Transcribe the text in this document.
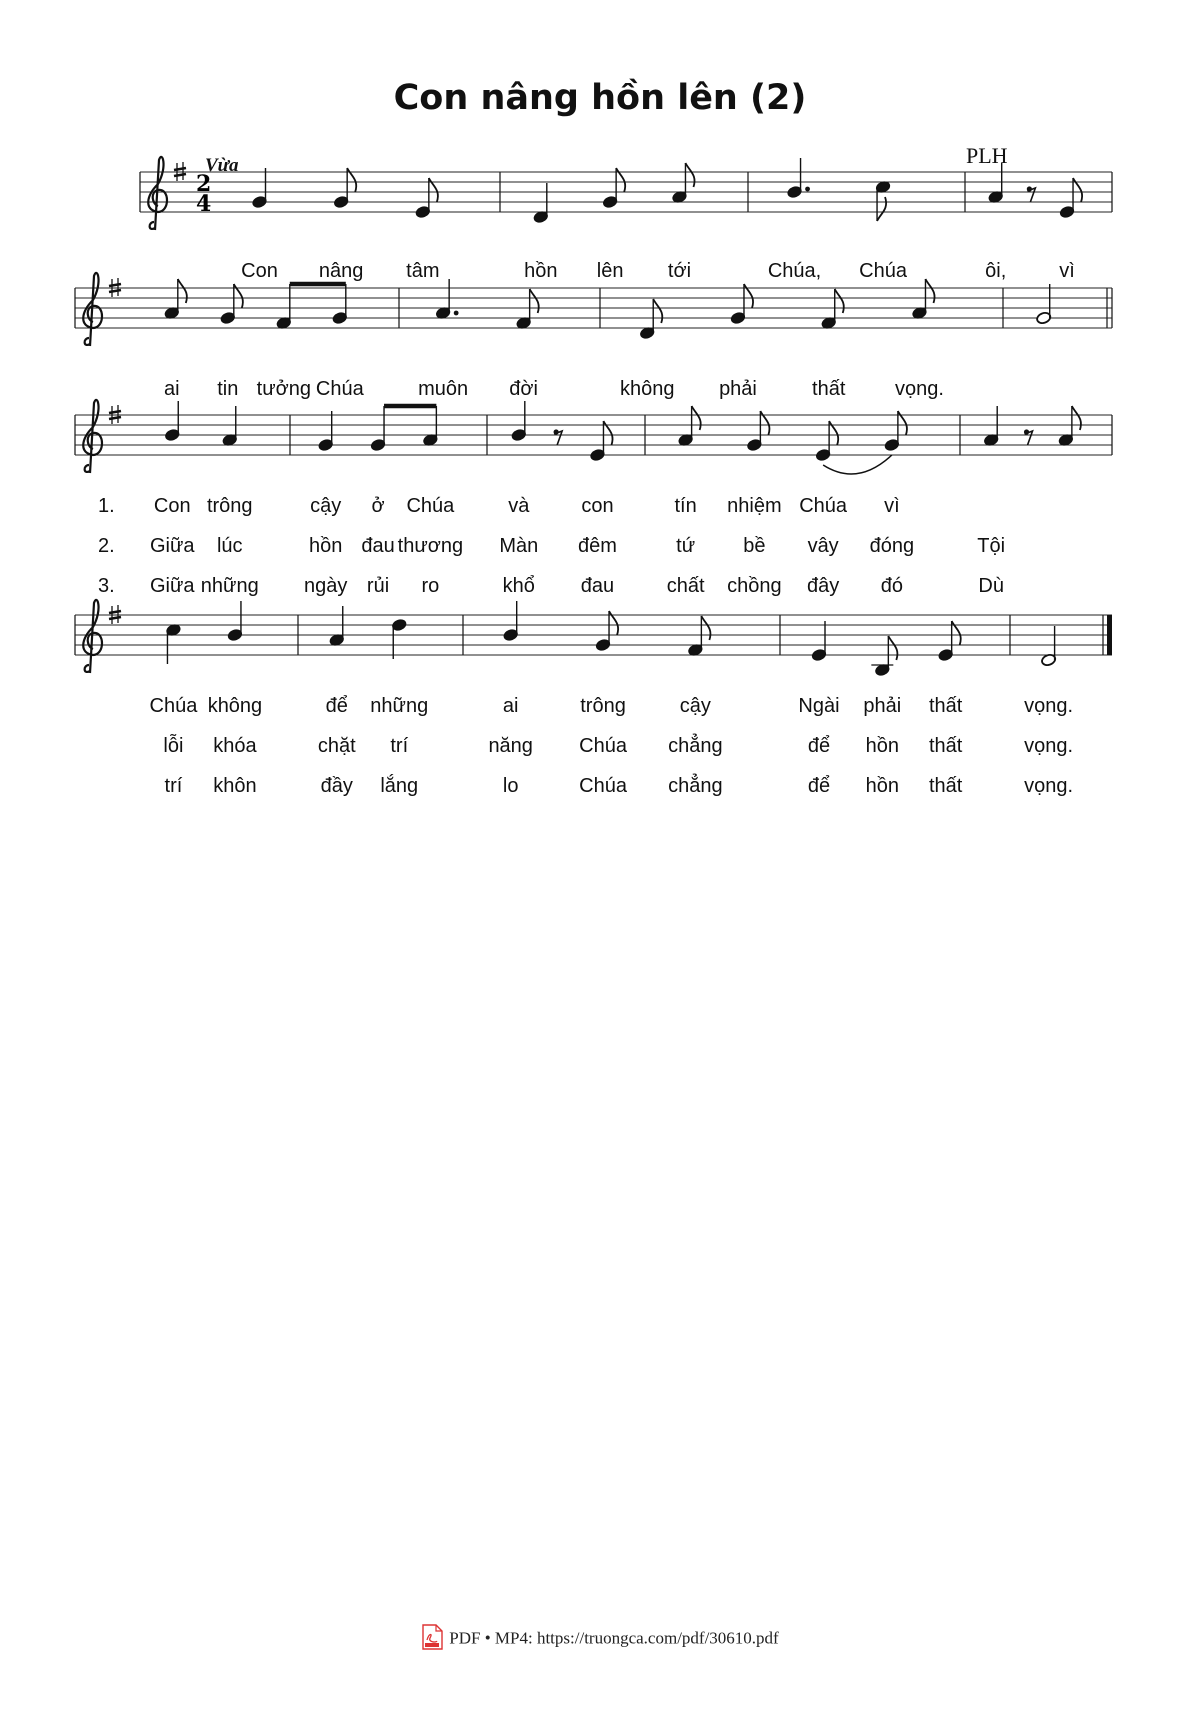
Con nâng hồn lên (2)
PLH
Vừa
2
4
Con nâng tâm	hồn lên tới	Chúa, Chúa	ôi,	vì
ai tin tưởng Chúa	muôn đời	không phải	thất vọng.
1. Con trông	cậy ở Chúa	và	con	tín nhiệm Chúa vì
2. Giữa lúc	hồn đau thương Màn đêm	tứ bề vây đóng	Tội
3. Giữa những ngày rủi ro	khổ đau	chất chồng đây đó	Dù
Chúa không	để những	ai	trông	cậy	Ngài phải thất	vọng.
lỗi khóa	chặt trí	năng Chúa chẳng	để hồn thất	vọng.
trí khôn	đầy lắng	lo	Chúa chẳng	để hồn thất	vọng.
PDF • MP4: https://truongca.com/pdf/30610.pdf
